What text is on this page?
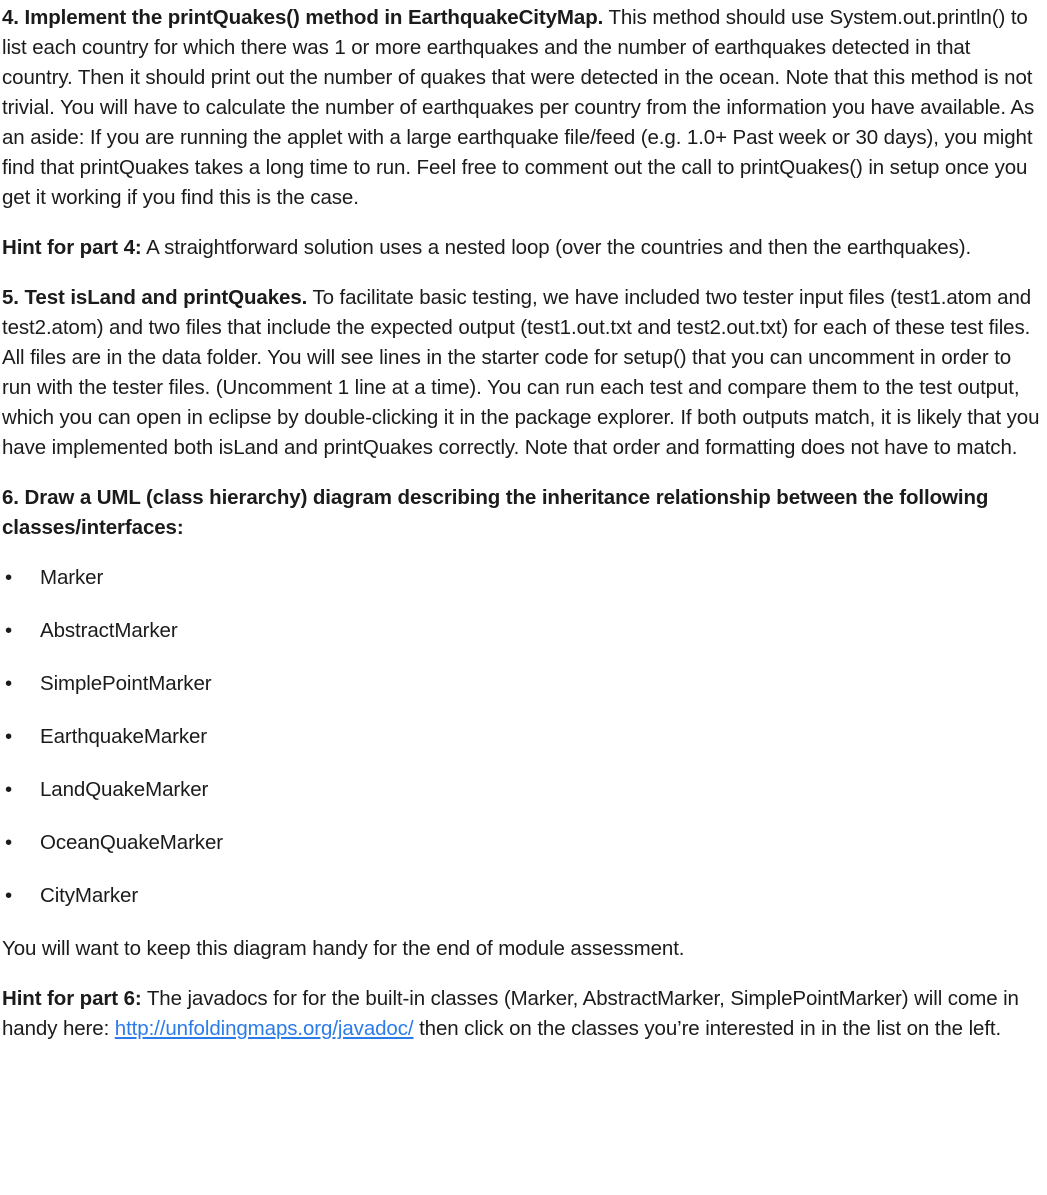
4. Implement the printQuakes() method in EarthquakeCityMap. This method should use System.out.println() to list each country for which there was 1 or more earthquakes and the number of earthquakes detected in that country. Then it should print out the number of quakes that were detected in the ocean. Note that this method is not trivial. You will have to calculate the number of earthquakes per country from the information you have available. As an aside: If you are running the applet with a large earthquake file/feed (e.g. 1.0+ Past week or 30 days), you might find that printQuakes takes a long time to run. Feel free to comment out the call to printQuakes() in setup once you get it working if you find this is the case.

Hint for part 4: A straightforward solution uses a nested loop (over the countries and then the earthquakes).

5. Test isLand and printQuakes. To facilitate basic testing, we have included two tester input files (test1.atom and test2.atom) and two files that include the expected output (test1.out.txt and test2.out.txt) for each of these test files. All files are in the data folder. You will see lines in the starter code for setup() that you can uncomment in order to run with the tester files. (Uncomment 1 line at a time). You can run each test and compare them to the test output, which you can open in eclipse by double-clicking it in the package explorer. If both outputs match, it is likely that you have implemented both isLand and printQuakes correctly. Note that order and formatting does not have to match.

6. Draw a UML (class hierarchy) diagram describing the inheritance relationship between the following classes/interfaces:

• Marker
• AbstractMarker
• SimplePointMarker
• EarthquakeMarker
• LandQuakeMarker
• OceanQuakeMarker
• CityMarker

You will want to keep this diagram handy for the end of module assessment.

Hint for part 6: The javadocs for for the built-in classes (Marker, AbstractMarker, SimplePointMarker) will come in handy here: http://unfoldingmaps.org/javadoc/ then click on the classes you’re interested in in the list on the left.
